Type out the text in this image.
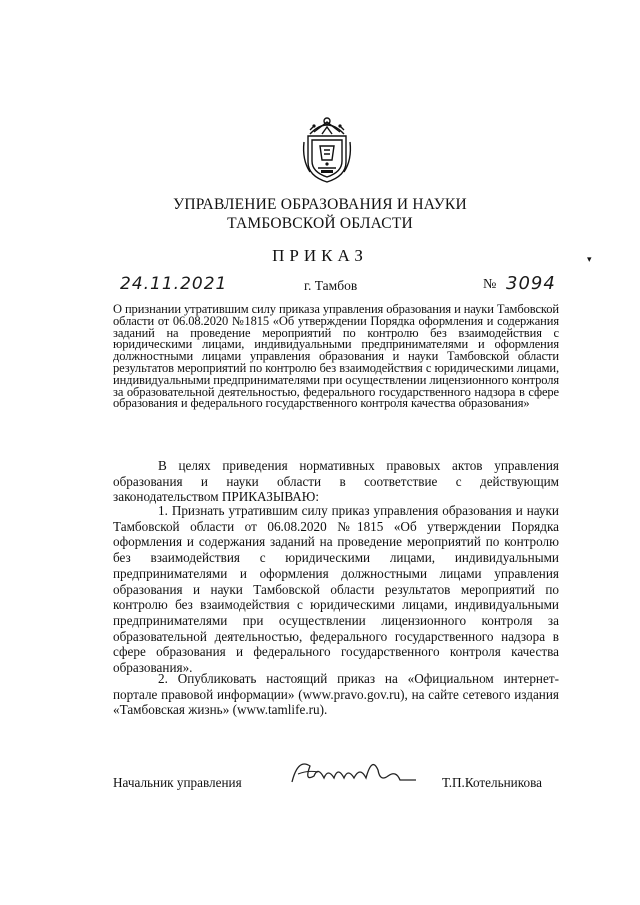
УПРАВЛЕНИЕ ОБРАЗОВАНИЯ И НАУКИ
ТАМБОВСКОЙ ОБЛАСТИ
ПРИКАЗ
24.11.2021	г. Тамбов	№ 3094
О признании утратившим силу приказа управления образования и науки Тамбовской области от 06.08.2020 №1815 «Об утверждении Порядка оформления и содержания заданий на проведение мероприятий по контролю без взаимодействия с юридическими лицами, индивидуальными предпринимателями и оформления должностными лицами управления образования и науки Тамбовской области результатов мероприятий по контролю без взаимодействия с юридическими лицами, индивидуальными предпринимателями при осуществлении лицензионного контроля за образовательной деятельностью, федерального государственного надзора в сфере образования и федерального государственного контроля качества образования»

В целях приведения нормативных правовых актов управления образования и науки области в соответствие с действующим законодательством ПРИКАЗЫВАЮ:

1. Признать утратившим силу приказ управления образования и науки Тамбовской области от 06.08.2020 №1815 «Об утверждении Порядка оформления и содержания заданий на проведение мероприятий по контролю без взаимодействия с юридическими лицами, индивидуальными предпринимателями и оформления должностными лицами управления образования и науки Тамбовской области результатов мероприятий по контролю без взаимодействия с юридическими лицами, индивидуальными предпринимателями при осуществлении лицензионного контроля за образовательной деятельностью, федерального государственного надзора в сфере образования и федерального государственного контроля качества образования».

2. Опубликовать настоящий приказ на «Официальном интернет-портале правовой информации» (www.pravo.gov.ru), на сайте сетевого издания «Тамбовская жизнь» (www.tamlife.ru).

Начальник управления	Т.П.Котельникова
▾
